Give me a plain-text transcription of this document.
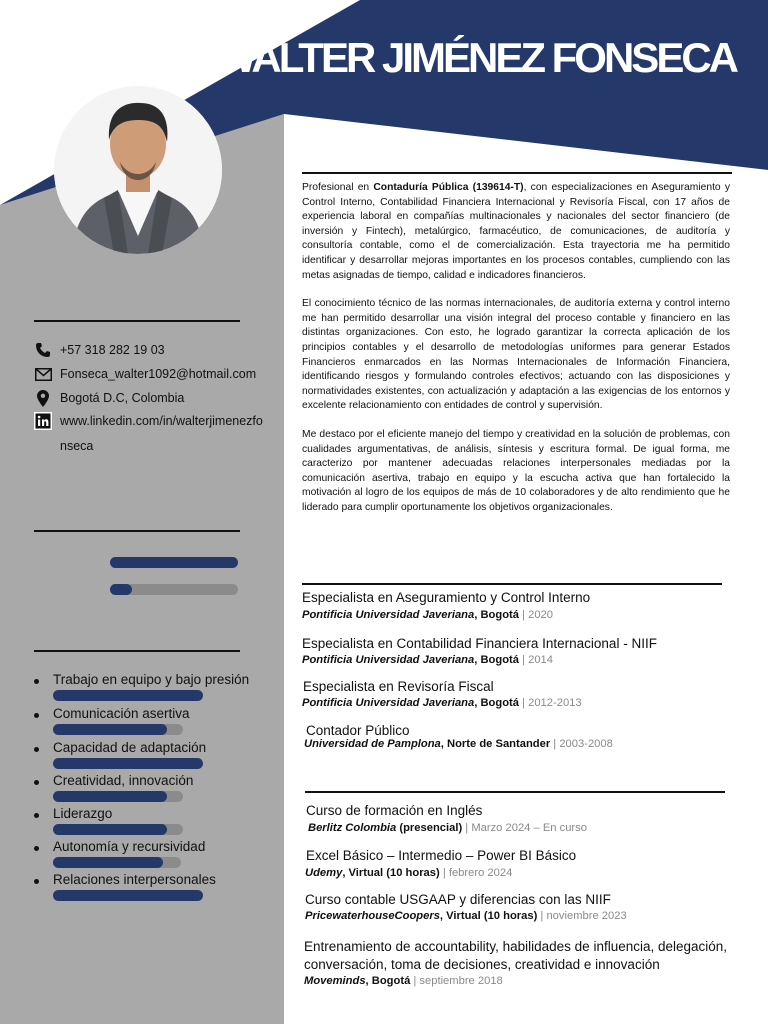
WALTER JIMÉNEZ FONSECA
+57 318 282 19 03
Fonseca_walter1092@hotmail.com
Bogotá D.C, Colombia
www.linkedin.com/in/walterjimenezfo
nseca
Trabajo en equipo y bajo presión
Comunicación asertiva
Capacidad de adaptación
Creatividad, innovación
Liderazgo
Autonomía y recursividad
Relaciones interpersonales

Profesional en Contaduría Pública (139614-T), con especializaciones en Aseguramiento y Control Interno, Contabilidad Financiera Internacional y Revisoría Fiscal, con 17 años de experiencia laboral en compañías multinacionales y nacionales del sector financiero (de inversión y Fintech), metalúrgico, farmacéutico, de comunicaciones, de auditoría y consultoría contable, como el de comercialización. Esta trayectoria me ha permitido identificar y desarrollar mejoras importantes en los procesos contables, cumpliendo con las metas asignadas de tiempo, calidad e indicadores financieros.

El conocimiento técnico de las normas internacionales, de auditoría externa y control interno me han permitido desarrollar una visión integral del proceso contable y financiero en las distintas organizaciones. Con esto, he logrado garantizar la correcta aplicación de los principios contables y el desarrollo de metodologías uniformes para generar Estados Financieros enmarcados en las Normas Internacionales de Información Financiera, identificando riesgos y formulando controles efectivos; actuando con las disposiciones y normatividades existentes, con actualización y adaptación a las exigencias de los entornos y excelente relacionamiento con entidades de control y supervisión.

Me destaco por el eficiente manejo del tiempo y creatividad en la solución de problemas, con cualidades argumentativas, de análisis, síntesis y escritura formal. De igual forma, me caracterizo por mantener adecuadas relaciones interpersonales mediadas por la comunicación asertiva, trabajo en equipo y la escucha activa que han fortalecido la motivación al logro de los equipos de más de 10 colaboradores y de alto rendimiento que he liderado para cumplir oportunamente los objetivos organizacionales.

Especialista en Aseguramiento y Control Interno
Pontificia Universidad Javeriana, Bogotá | 2020
Especialista en Contabilidad Financiera Internacional - NIIF
Pontificia Universidad Javeriana, Bogotá | 2014
Especialista en Revisoría Fiscal
Pontificia Universidad Javeriana, Bogotá | 2012-2013
Contador Público
Universidad de Pamplona, Norte de Santander | 2003-2008
Curso de formación en Inglés
Berlitz Colombia (presencial) | Marzo 2024 – En curso
Excel Básico – Intermedio – Power BI Básico
Udemy, Virtual (10 horas) | febrero 2024
Curso contable USGAAP y diferencias con las NIIF
PricewaterhouseCoopers, Virtual (10 horas) | noviembre 2023
Entrenamiento de accountability, habilidades de influencia, delegación,
conversación, toma de decisiones, creatividad e innovación
Moveminds, Bogotá | septiembre 2018
